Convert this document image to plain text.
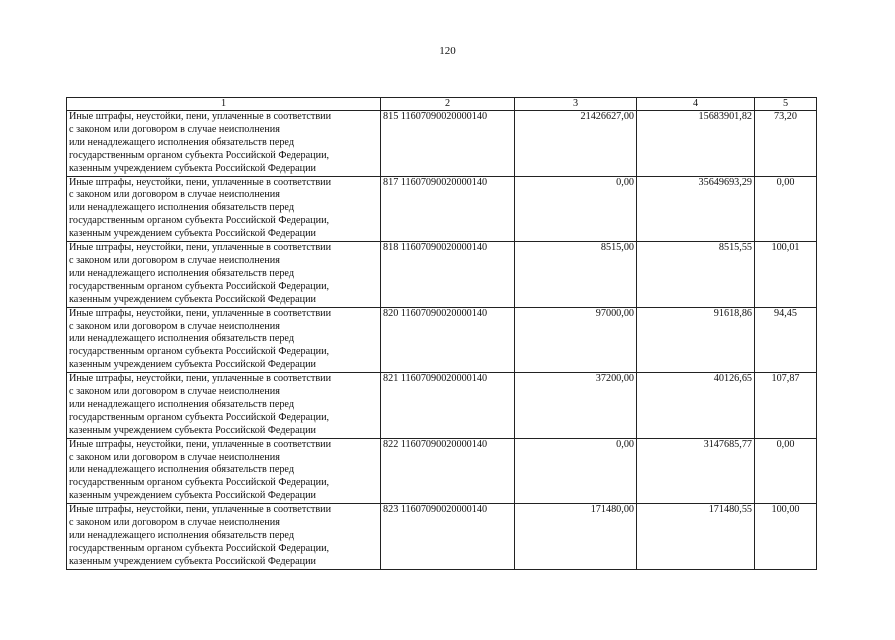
120
1	2	3	4	5

Иные штрафы, неустойки, пени, уплаченные в соответствии
с законом или договором в случае неисполнения
или ненадлежащего исполнения обязательств перед
государственным органом субъекта Российской Федерации,
казенным учреждением субъекта Российской Федерации	815 11607090020000140	21426627,00	15683901,82	73,20

Иные штрафы, неустойки, пени, уплаченные в соответствии
с законом или договором в случае неисполнения
или ненадлежащего исполнения обязательств перед
государственным органом субъекта Российской Федерации,
казенным учреждением субъекта Российской Федерации	817 11607090020000140	0,00	35649693,29	0,00

Иные штрафы, неустойки, пени, уплаченные в соответствии
с законом или договором в случае неисполнения
или ненадлежащего исполнения обязательств перед
государственным органом субъекта Российской Федерации,
казенным учреждением субъекта Российской Федерации	818 11607090020000140	8515,00	8515,55	100,01

Иные штрафы, неустойки, пени, уплаченные в соответствии
с законом или договором в случае неисполнения
или ненадлежащего исполнения обязательств перед
государственным органом субъекта Российской Федерации,
казенным учреждением субъекта Российской Федерации	820 11607090020000140	97000,00	91618,86	94,45

Иные штрафы, неустойки, пени, уплаченные в соответствии
с законом или договором в случае неисполнения
или ненадлежащего исполнения обязательств перед
государственным органом субъекта Российской Федерации,
казенным учреждением субъекта Российской Федерации	821 11607090020000140	37200,00	40126,65	107,87

Иные штрафы, неустойки, пени, уплаченные в соответствии
с законом или договором в случае неисполнения
или ненадлежащего исполнения обязательств перед
государственным органом субъекта Российской Федерации,
казенным учреждением субъекта Российской Федерации	822 11607090020000140	0,00	3147685,77	0,00

Иные штрафы, неустойки, пени, уплаченные в соответствии
с законом или договором в случае неисполнения
или ненадлежащего исполнения обязательств перед
государственным органом субъекта Российской Федерации,
казенным учреждением субъекта Российской Федерации	823 11607090020000140	171480,00	171480,55	100,00
